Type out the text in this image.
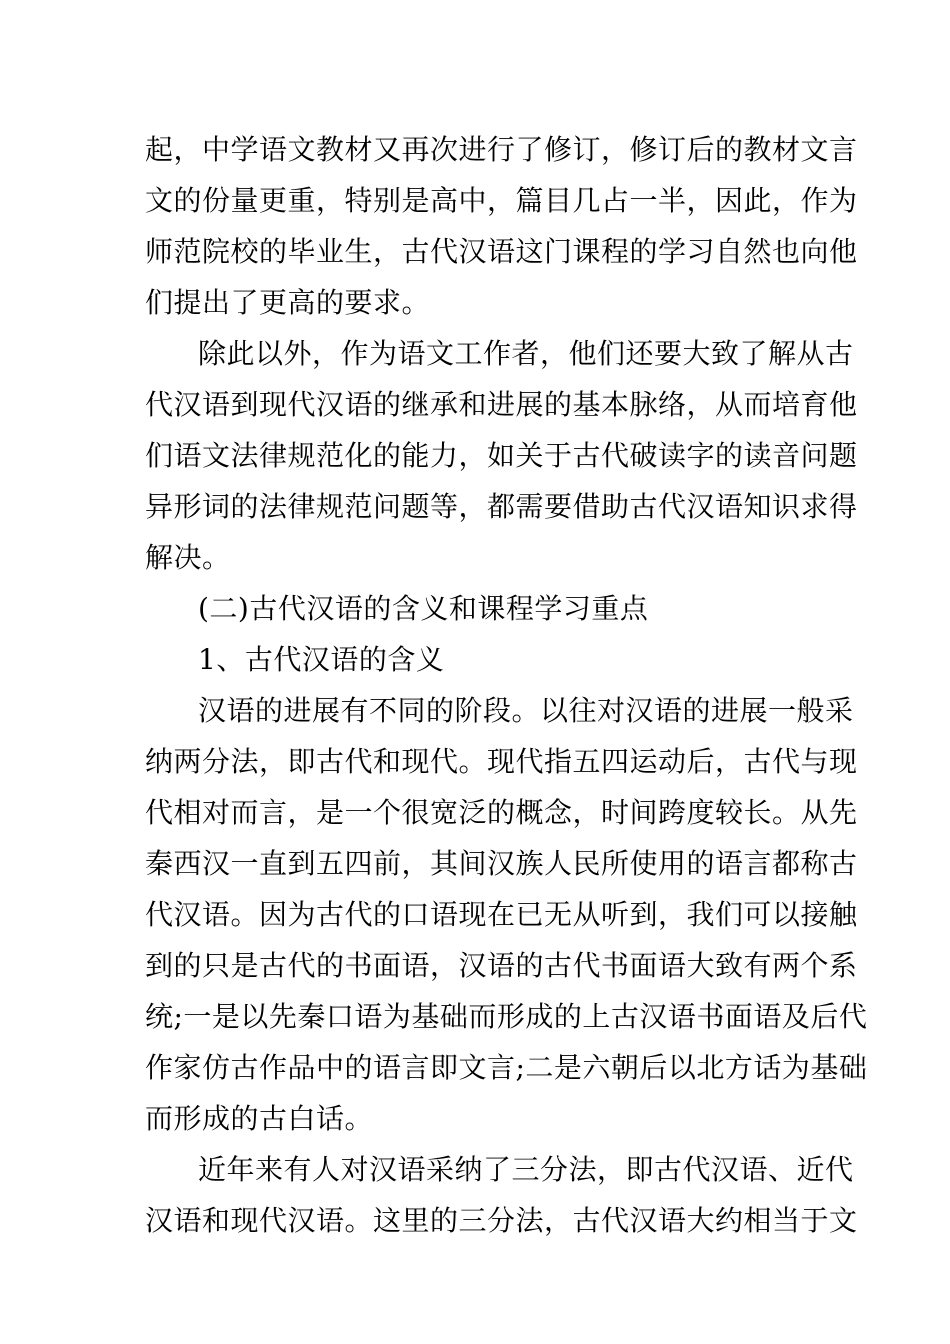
起，中学语文教材又再次进行了修订，修订后的教材文言
文的份量更重，特别是高中，篇目几占一半，因此，作为
师范院校的毕业生，古代汉语这门课程的学习自然也向他
们提出了更高的要求。
除此以外，作为语文工作者，他们还要大致了解从古
代汉语到现代汉语的继承和进展的基本脉络，从而培育他
们语文法律规范化的能力，如关于古代破读字的读音问题
异形词的法律规范问题等，都需要借助古代汉语知识求得
解决。
(二)古代汉语的含义和课程学习重点
1、古代汉语的含义
汉语的进展有不同的阶段。以往对汉语的进展一般采
纳两分法，即古代和现代。现代指五四运动后，古代与现
代相对而言，是一个很宽泛的概念，时间跨度较长。从先
秦西汉一直到五四前，其间汉族人民所使用的语言都称古
代汉语。因为古代的口语现在已无从听到，我们可以接触
到的只是古代的书面语，汉语的古代书面语大致有两个系
统;一是以先秦口语为基础而形成的上古汉语书面语及后代
作家仿古作品中的语言即文言;二是六朝后以北方话为基础
而形成的古白话。
近年来有人对汉语采纳了三分法，即古代汉语、近代
汉语和现代汉语。这里的三分法，古代汉语大约相当于文
